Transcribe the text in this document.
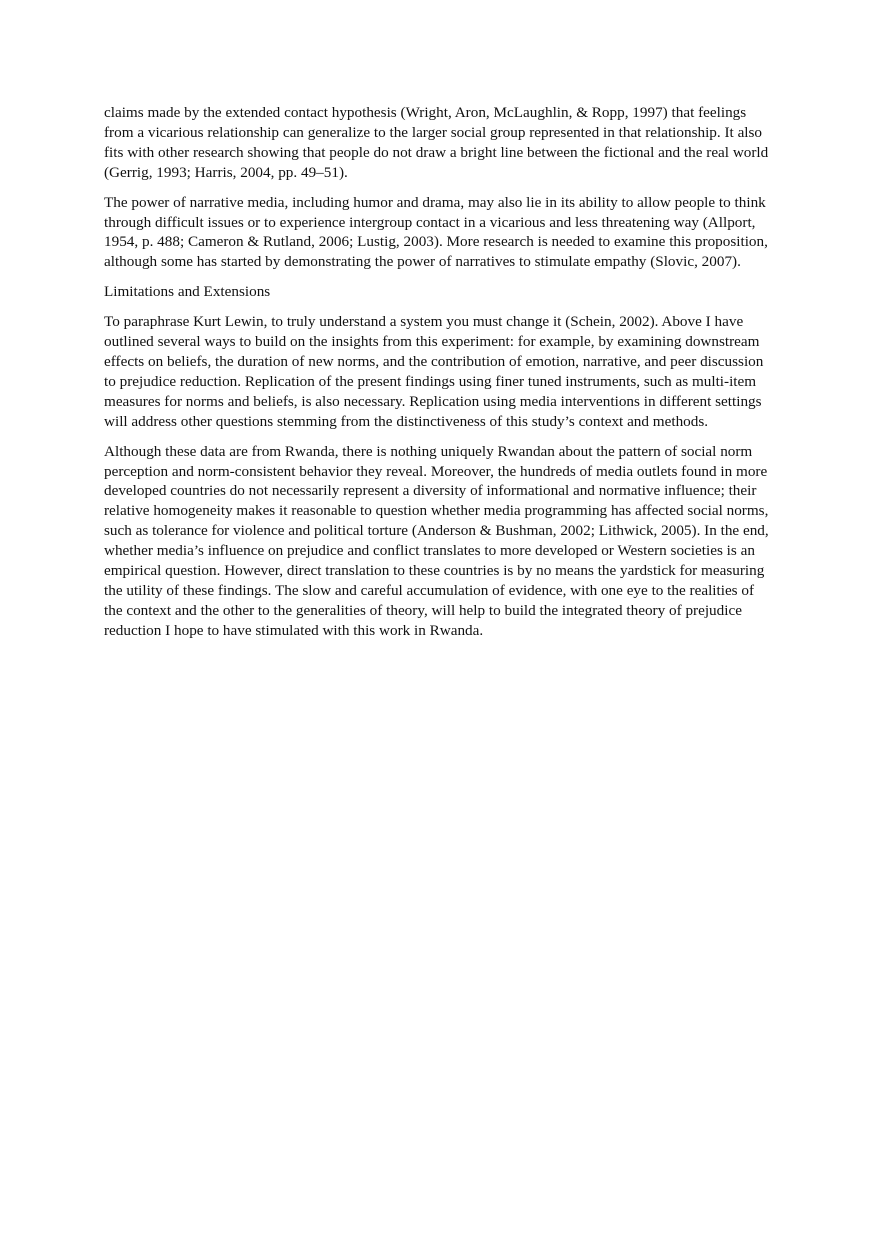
claims made by the extended contact hypothesis (Wright, Aron, McLaughlin, & Ropp, 1997) that feelings from a vicarious relationship can generalize to the larger social group represented in that relationship. It also fits with other research showing that people do not draw a bright line between the fictional and the real world (Gerrig, 1993; Harris, 2004, pp. 49–51).

The power of narrative media, including humor and drama, may also lie in its ability to allow people to think through difficult issues or to experience intergroup contact in a vicarious and less threatening way (Allport, 1954, p. 488; Cameron & Rutland, 2006; Lustig, 2003). More research is needed to examine this proposition, although some has started by demonstrating the power of narratives to stimulate empathy (Slovic, 2007).

Limitations and Extensions

To paraphrase Kurt Lewin, to truly understand a system you must change it (Schein, 2002). Above I have outlined several ways to build on the insights from this experiment: for example, by examining downstream effects on beliefs, the duration of new norms, and the contribution of emotion, narrative, and peer discussion to prejudice reduction. Replication of the present findings using finer tuned instruments, such as multi-item measures for norms and beliefs, is also necessary. Replication using media interventions in different settings will address other questions stemming from the distinctiveness of this study’s context and methods.

Although these data are from Rwanda, there is nothing uniquely Rwandan about the pattern of social norm perception and norm-consistent behavior they reveal. Moreover, the hundreds of media outlets found in more developed countries do not necessarily represent a diversity of informational and normative influence; their relative homogeneity makes it reasonable to question whether media programming has affected social norms, such as tolerance for violence and political torture (Anderson & Bushman, 2002; Lithwick, 2005). In the end, whether media’s influence on prejudice and conflict translates to more developed or Western societies is an empirical question. However, direct translation to these countries is by no means the yardstick for measuring the utility of these findings. The slow and careful accumulation of evidence, with one eye to the realities of the context and the other to the generalities of theory, will help to build the integrated theory of prejudice reduction I hope to have stimulated with this work in Rwanda.
